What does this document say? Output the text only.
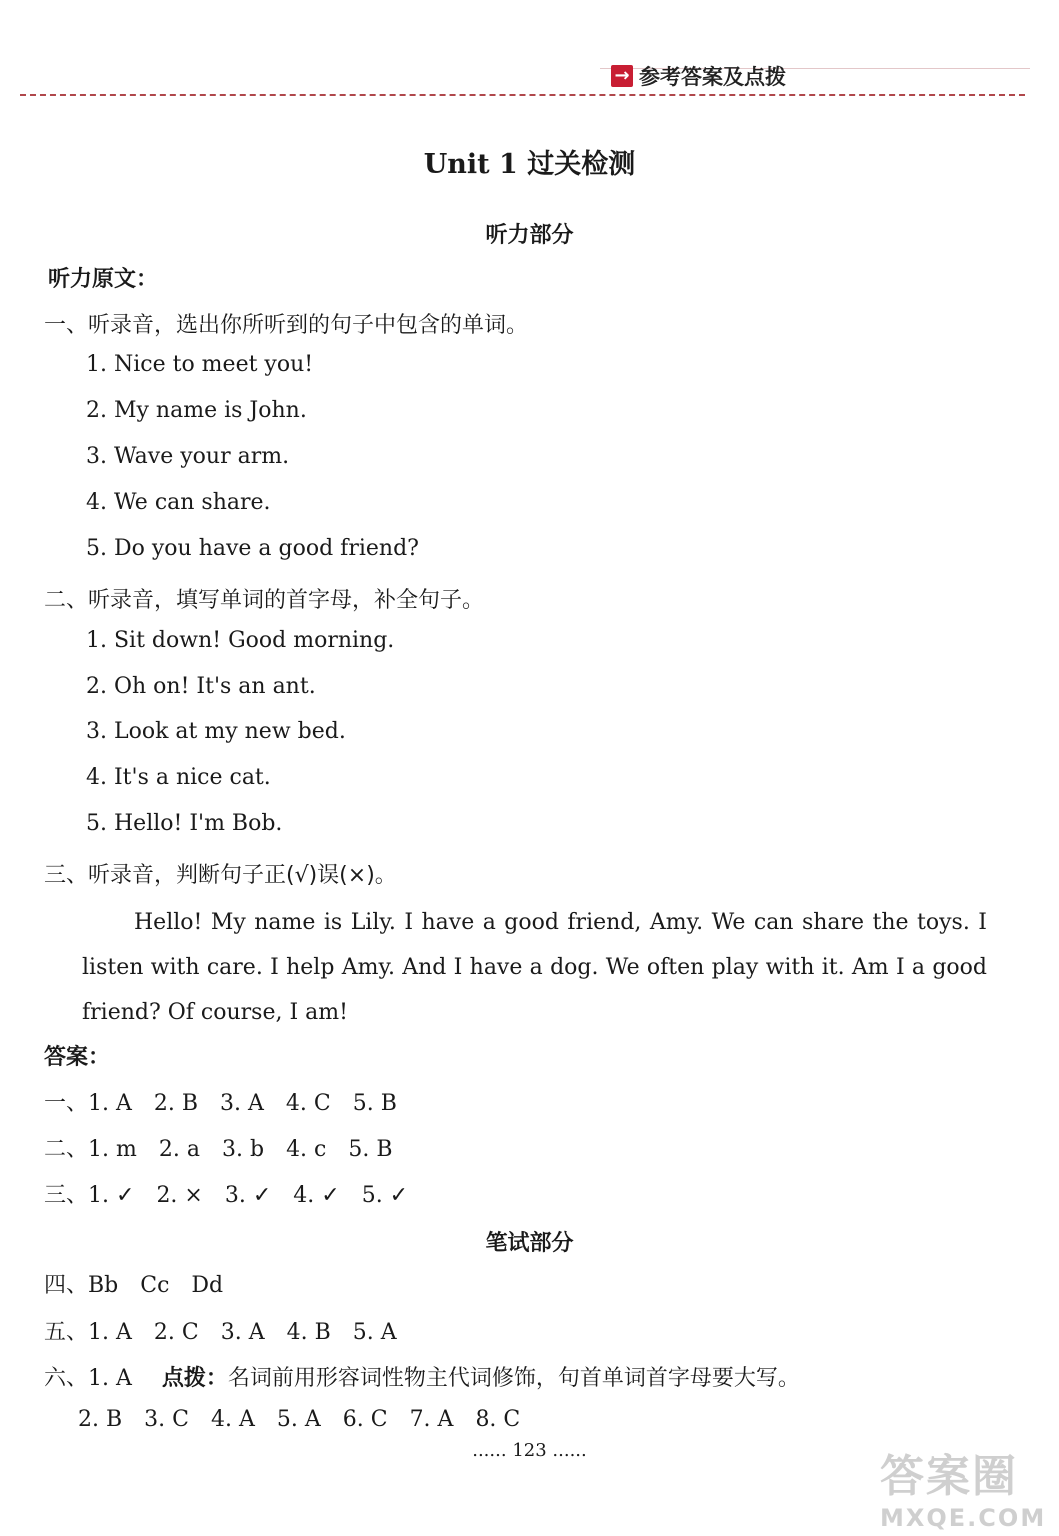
→ 参考答案及点拨
Unit 1 过关检测
听力部分
听力原文：
一、听录音，选出你所听到的句子中包含的单词。
1. Nice to meet you!
2. My name is John.
3. Wave your arm.
4. We can share.
5. Do you have a good friend?
二、听录音，填写单词的首字母，补全句子。
1. Sit down! Good morning.
2. Oh on! It's an ant.
3. Look at my new bed.
4. It's a nice cat.
5. Hello! I'm Bob.
三、听录音，判断句子正(√)误(×)。
Hello! My name is Lily. I have a good friend, Amy. We can share the toys. I listen with care. I help Amy. And I have a dog. We often play with it. Am I a good friend? Of course, I am!
答案：
一、1. A 2. B 3. A 4. C 5. B
二、1. m 2. a 3. b 4. c 5. B
三、1. ✓ 2. × 3. ✓ 4. ✓ 5. ✓
笔试部分
四、Bb Cc Dd
五、1. A 2. C 3. A 4. B 5. A
六、1. A 点拨：名词前用形容词性物主代词修饰，句首单词首字母要大写。
2. B 3. C 4. A 5. A 6. C 7. A 8. C
...... 123 ......
答案圈
MXQE.COM
